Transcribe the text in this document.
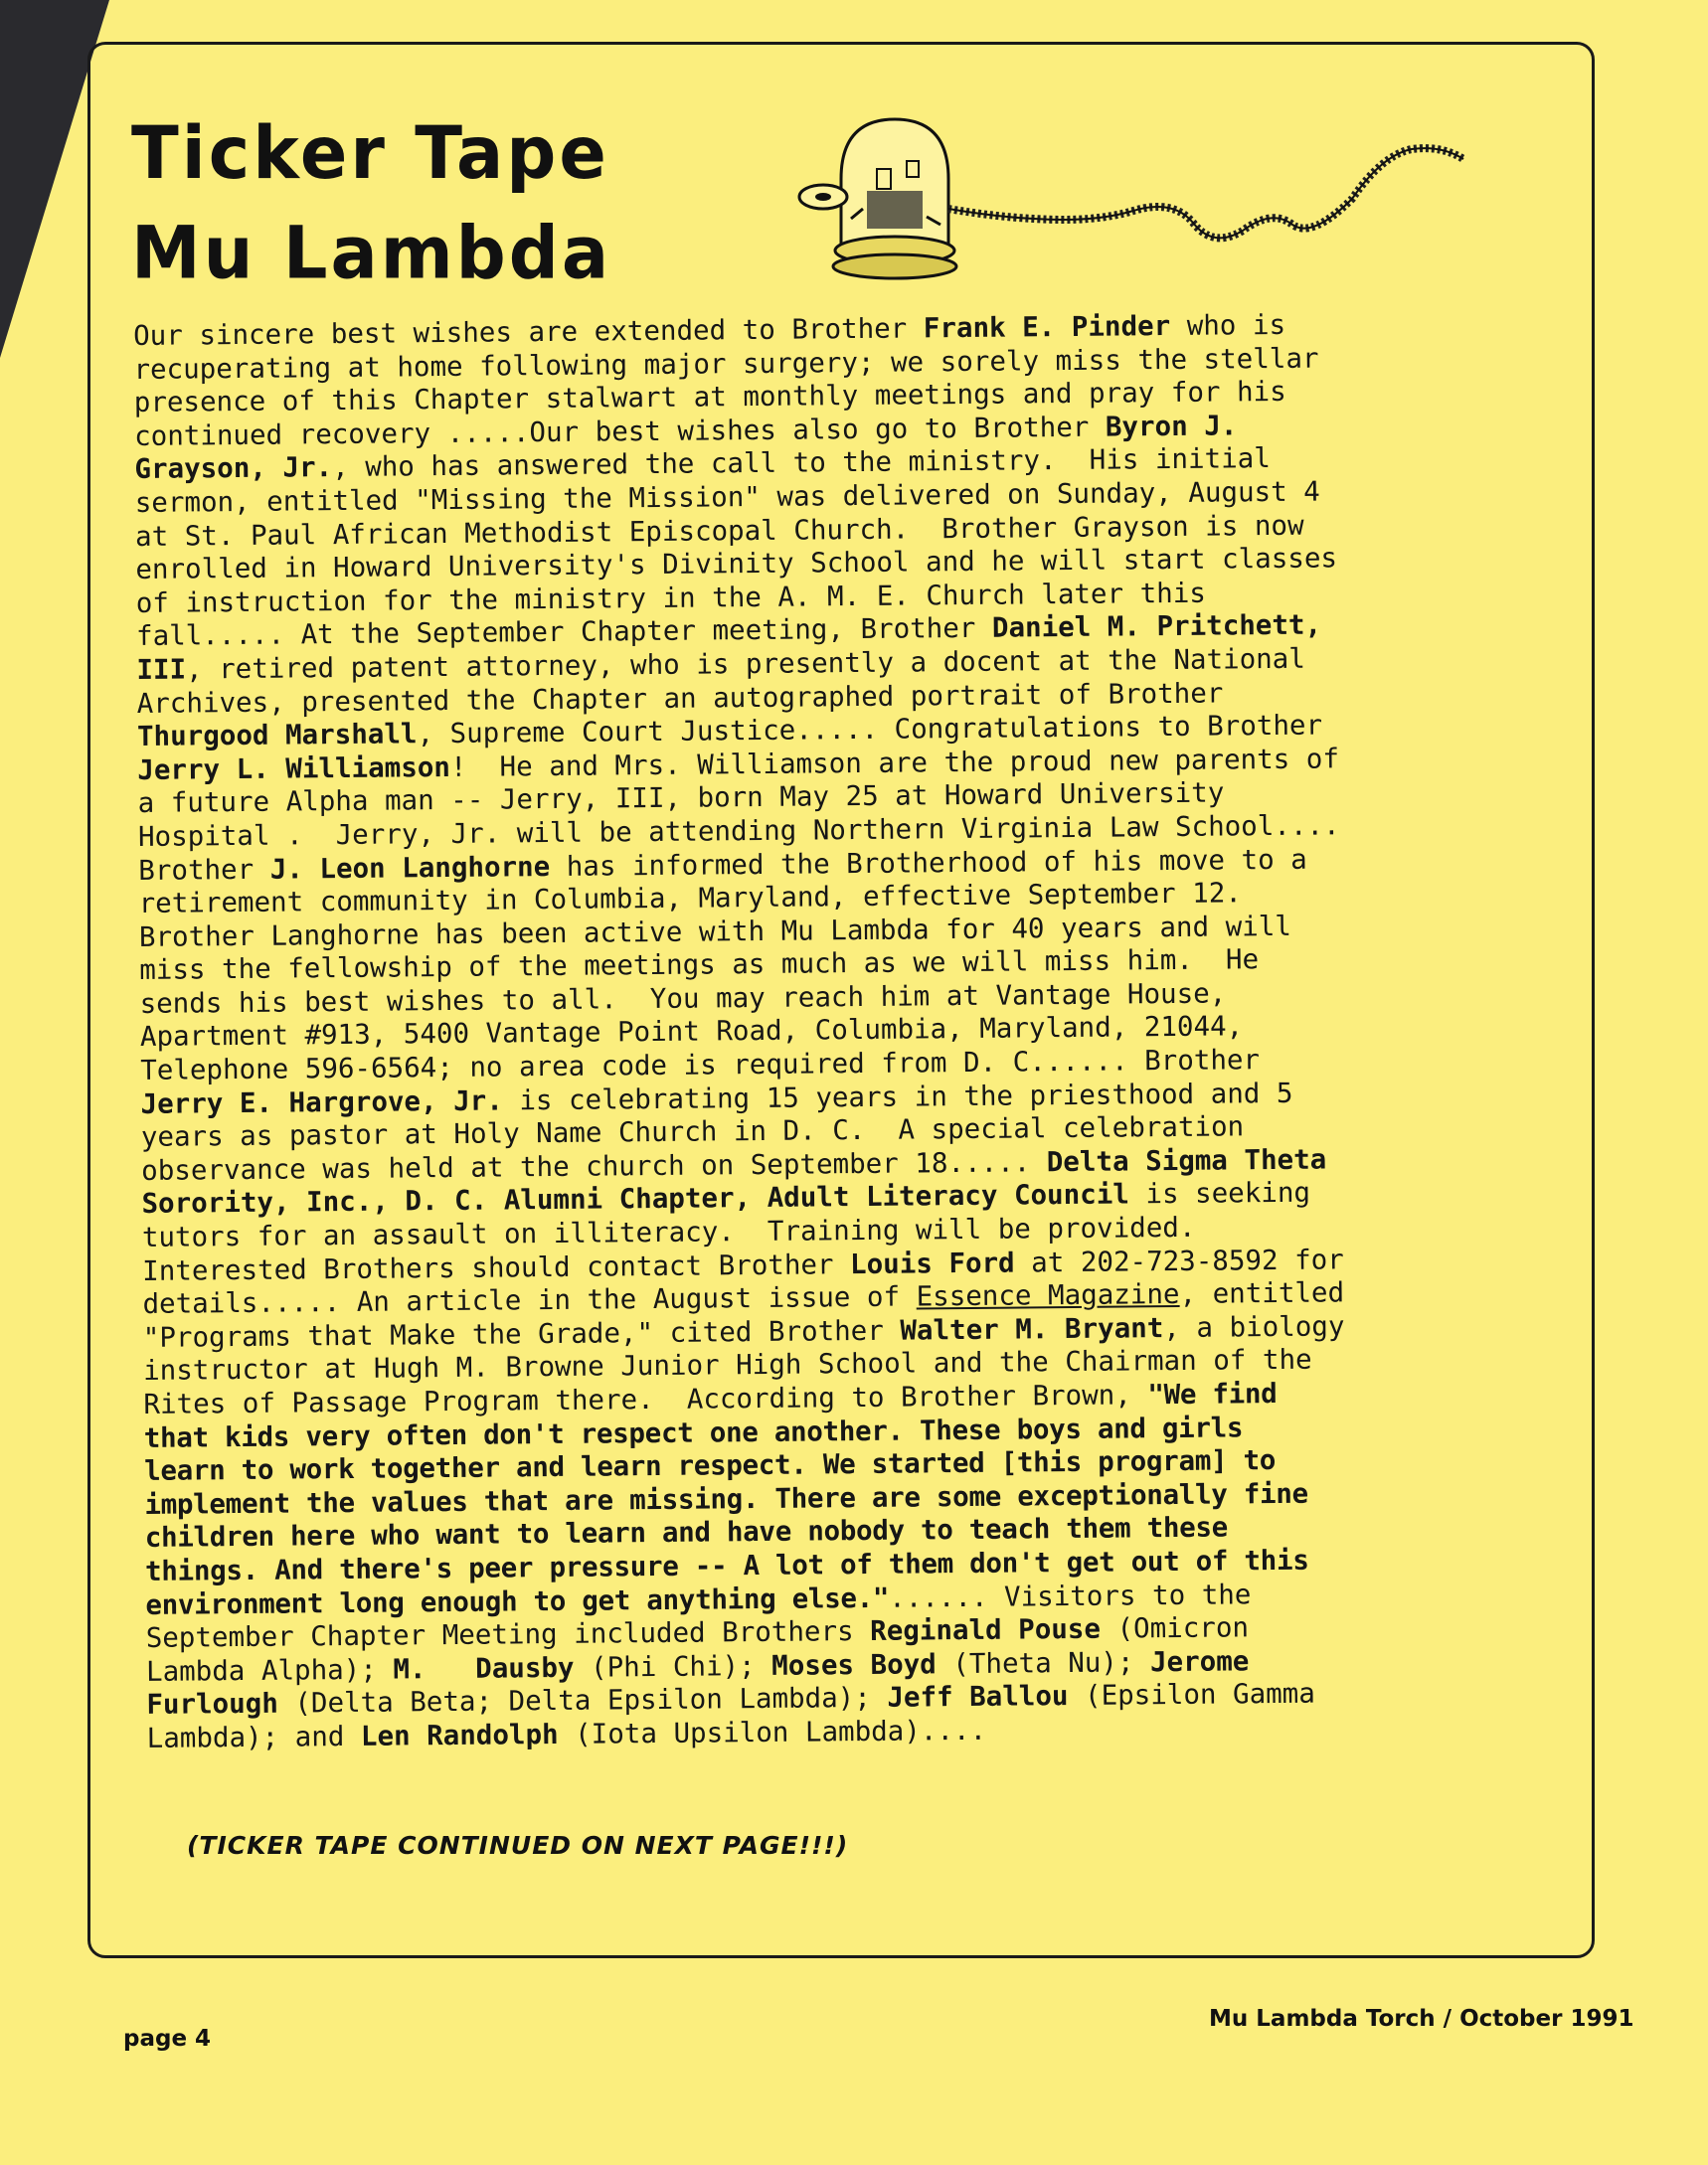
Ticker Tape
Mu Lambda
Our sincere best wishes are extended to Brother Frank E. Pinder who is
recuperating at home following major surgery; we sorely miss the stellar
presence of this Chapter stalwart at monthly meetings and pray for his
continued recovery .....Our best wishes also go to Brother Byron J.
Grayson, Jr., who has answered the call to the ministry.  His initial
sermon, entitled "Missing the Mission" was delivered on Sunday, August 4
at St. Paul African Methodist Episcopal Church.  Brother Grayson is now
enrolled in Howard University's Divinity School and he will start classes
of instruction for the ministry in the A. M. E. Church later this
fall..... At the September Chapter meeting, Brother Daniel M. Pritchett,
III, retired patent attorney, who is presently a docent at the National
Archives, presented the Chapter an autographed portrait of Brother
Thurgood Marshall, Supreme Court Justice..... Congratulations to Brother
Jerry L. Williamson!  He and Mrs. Williamson are the proud new parents of
a future Alpha man -- Jerry, III, born May 25 at Howard University
Hospital .  Jerry, Jr. will be attending Northern Virginia Law School....
Brother J. Leon Langhorne has informed the Brotherhood of his move to a
retirement community in Columbia, Maryland, effective September 12.
Brother Langhorne has been active with Mu Lambda for 40 years and will
miss the fellowship of the meetings as much as we will miss him.  He
sends his best wishes to all.  You may reach him at Vantage House,
Apartment #913, 5400 Vantage Point Road, Columbia, Maryland, 21044,
Telephone 596-6564; no area code is required from D. C...... Brother
Jerry E. Hargrove, Jr. is celebrating 15 years in the priesthood and 5
years as pastor at Holy Name Church in D. C.  A special celebration
observance was held at the church on September 18..... Delta Sigma Theta
Sorority, Inc., D. C. Alumni Chapter, Adult Literacy Council is seeking
tutors for an assault on illiteracy.  Training will be provided.
Interested Brothers should contact Brother Louis Ford at 202-723-8592 for
details..... An article in the August issue of Essence Magazine, entitled
"Programs that Make the Grade," cited Brother Walter M. Bryant, a biology
instructor at Hugh M. Browne Junior High School and the Chairman of the
Rites of Passage Program there.  According to Brother Brown, "We find
that kids very often don't respect one another. These boys and girls
learn to work together and learn respect. We started [this program] to
implement the values that are missing. There are some exceptionally fine
children here who want to learn and have nobody to teach them these
things. And there's peer pressure -- A lot of them don't get out of this
environment long enough to get anything else."...... Visitors to the
September Chapter Meeting included Brothers Reginald Pouse (Omicron
Lambda Alpha); M. Dausby (Phi Chi); Moses Boyd (Theta Nu); Jerome
Furlough (Delta Beta; Delta Epsilon Lambda); Jeff Ballou (Epsilon Gamma
Lambda); and Len Randolph (Iota Upsilon Lambda)....
(TICKER TAPE CONTINUED ON NEXT PAGE!!!)
page 4
Mu Lambda Torch / October 1991
